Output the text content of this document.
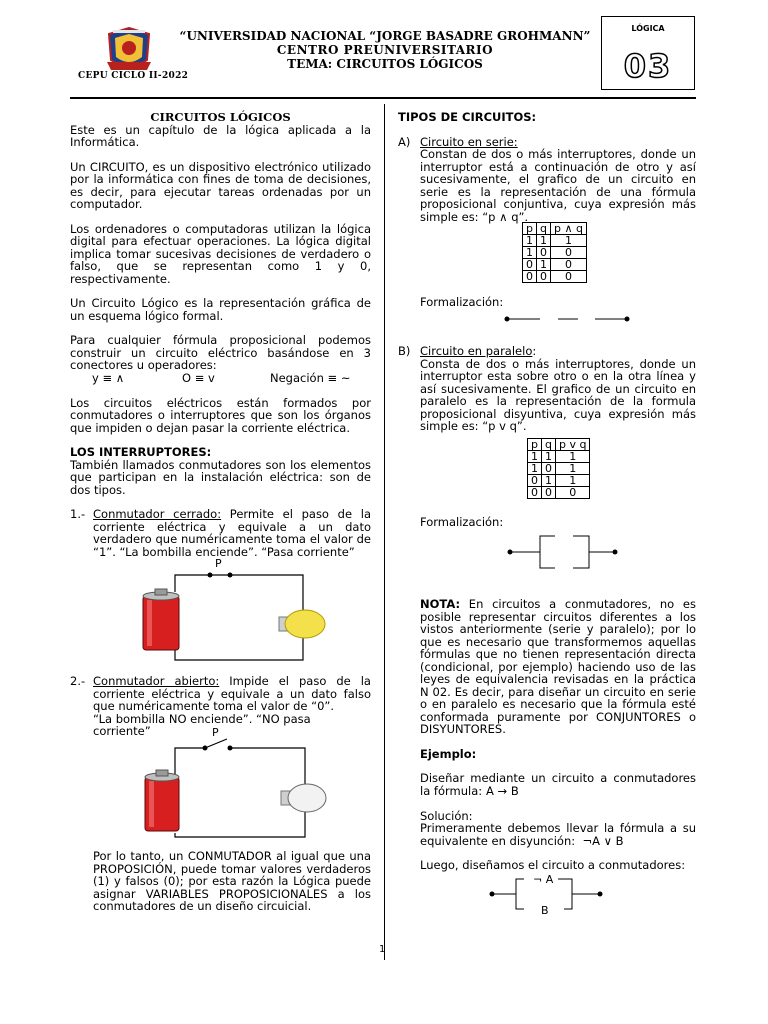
CEPU CICLO II-2022
“UNIVERSIDAD NACIONAL “JORGE BASADRE GROHMANN”
CENTRO PREUNIVERSITARIO
TEMA: CIRCUITOS LÓGICOS
LÓGICA
03

CIRCUITOS LÓGICOS

Este es un capítulo de la lógica aplicada a la Informática.

Un CIRCUITO, es un dispositivo electrónico utilizado por la informática con fines de toma de decisiones, es decir, para ejecutar tareas ordenadas por un computador.

Los ordenadores o computadoras utilizan la lógica digital para efectuar operaciones. La lógica digital implica tomar sucesivas decisiones de verdadero o falso, que se representan como 1 y 0, respectivamente.

Un Circuito Lógico es la representación gráfica de un esquema lógico formal.

Para cualquier fórmula proposicional podemos construir un circuito eléctrico basándose en 3 conectores u operadores:

y ≡ ∧	O ≡ v	Negación ≡ ~

Los circuitos eléctricos están formados por conmutadores o interruptores que son los órganos que impiden o dejan pasar la corriente eléctrica.

LOS INTERRUPTORES:

También llamados conmutadores son los elementos que participan en la instalación eléctrica: son de dos tipos.

1.- Conmutador cerrado: Permite el paso de la corriente eléctrica y equivale a un dato verdadero que numéricamente toma el valor de “1”. “La bombilla enciende”. “Pasa corriente”

P
2.- Conmutador abierto: Impide el paso de la corriente eléctrica y equivale a un dato falso que numéricamente toma el valor de “0”.

“La bombilla NO enciende”. “NO pasa corriente”	P
Por lo tanto, un CONMUTADOR al igual que una PROPOSICIÓN, puede tomar valores verdaderos (1) y falsos (0); por esta razón la Lógica puede asignar VARIABLES PROPOSICIONALES a los conmutadores de un diseño circuicial.

TIPOS DE CIRCUITOS:

A) Circuito en serie:

Constan de dos o más interruptores, donde un interruptor está a continuación de otro y así sucesivamente, el grafico de un circuito en serie es la representación de una fórmula proposicional conjuntiva, cuya expresión más simple es: “p ∧ q”.

p	q	p ∧ q
1	1	1
1	0	0
0	1	0
0	0	0
Formalización:
B) Circuito en paralelo:

Consta de dos o más interruptores, donde un interruptor esta sobre otro o en la otra línea y así sucesivamente. El grafico de un circuito en paralelo es la representación de la formula proposicional disyuntiva, cuya expresión más simple es: “p v q”.

p	q	p v q
1	1	1
1	0	1
0	1	1
0	0	0
Formalización:

NOTA: En circuitos a conmutadores, no es posible representar circuitos diferentes a los vistos anteriormente (serie y paralelo); por lo que es necesario que transformemos aquellas fórmulas que no tienen representación directa (condicional, por ejemplo) haciendo uso de las leyes de equivalencia revisadas en la práctica N 02. Es decir, para diseñar un circuito en serie o en paralelo es necesario que la fórmula esté conformada puramente por CONJUNTORES o DISYUNTORES.

Ejemplo:

Diseñar mediante un circuito a conmutadores la fórmula: A → B

Solución:

Primeramente debemos llevar la fórmula a su equivalente en disyunción: ¬A ∨ B

Luego, diseñamos el circuito a conmutadores:

¬ A
B
1
